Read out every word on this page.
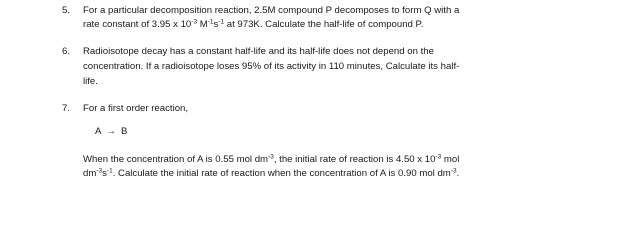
5. For a particular decomposition reaction, 2.5M compound P decomposes to form Q with a
rate constant of 3.95 x $10^{-3}$ $M^{-1}s^{-1}$ at 973K. Calculate the half-life of compound P.
6. Radioisotope decay has a constant half-life and its half-life does not depend on the
concentration. If a radioisotope loses 95% of its activity in 110 minutes, Calculate its half-
life.
7. For a first order reaction,
A → B
When the concentration of A is 0.55 mol $dm^{-3}$, the initial rate of reaction is 4.50 x $10^{-3}$ mol
$dm^{-3}s^{-1}$. Calculate the initial rate of reaction when the concentration of A is 0.90 mol $dm^{-3}$.
